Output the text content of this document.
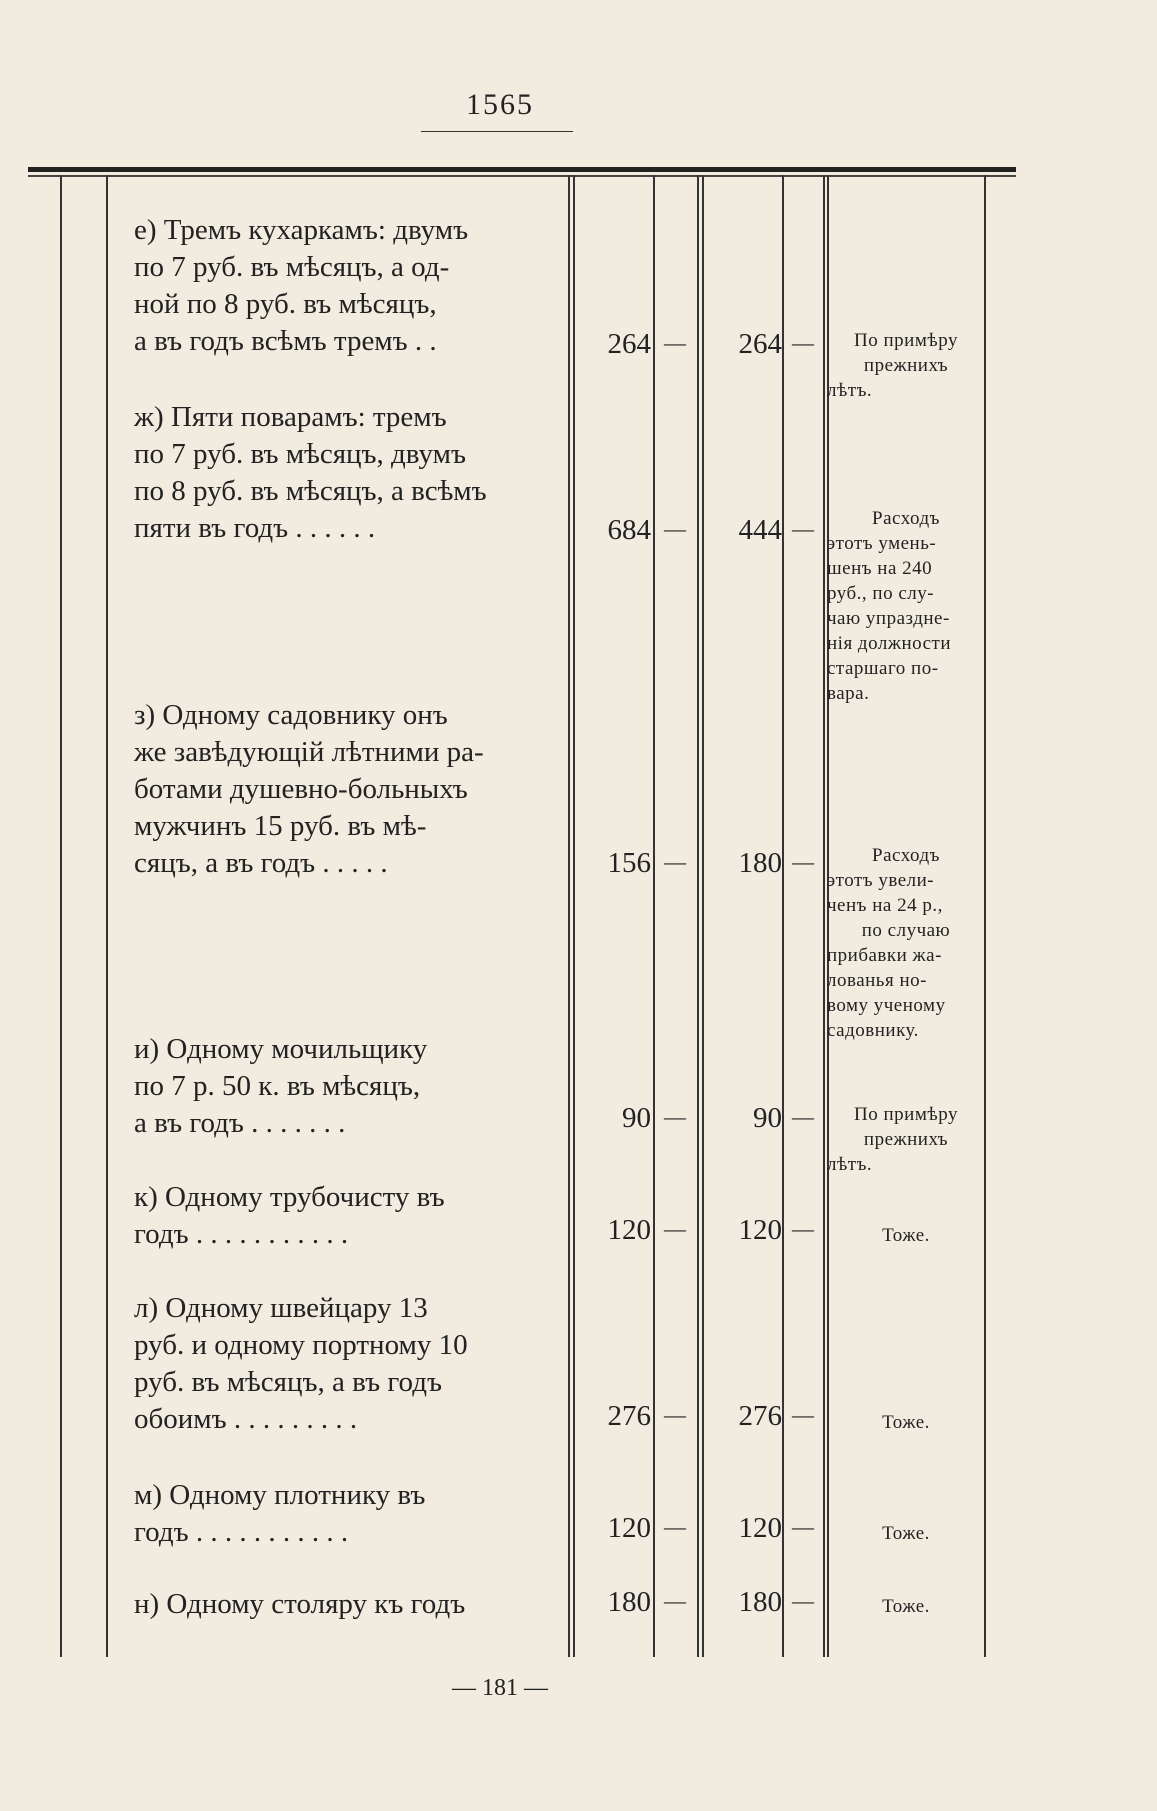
1565
е) Тремъ кухаркамъ: двумъ
по 7 руб. въ мѣсяцъ, а од-
ной по 8 руб. въ мѣсяцъ,
а въ годъ всѣмъ тремъ . .	264 —	264 —	По примѣру
прежнихъ
лѣтъ.
ж) Пяти поварамъ: тремъ
по 7 руб. въ мѣсяцъ, двумъ
по 8 руб. въ мѣсяцъ, а всѣмъ
пяти въ годъ . . . . . .	684 —	444 —	Расходъ
этотъ умень-
шенъ на 240
руб., по слу-
чаю упраздне-
нія должности
старшаго по-
вара.
з) Одному садовнику онъ
же завѣдующій лѣтними ра-
ботами душевно-больныхъ
мужчинъ 15 руб. въ мѣ-
сяцъ, а въ годъ . . . . .	156 —	180 —	Расходъ
этотъ увели-
ченъ на 24 р.,
по случаю
прибавки жа-
лованья но-
вому ученому
садовнику.
и) Одному мочильщику
по 7 р. 50 к. въ мѣсяцъ,
а въ годъ . . . . . . .	90 —	90 —	По примѣру
прежнихъ
лѣтъ.
к) Одному трубочисту въ
годъ . . . . . . . . . . .	120 —	120 —	Тоже.
л) Одному швейцару 13
руб. и одному портному 10
руб. въ мѣсяцъ, а въ годъ
обоимъ . . . . . . . . .	276 —	276 —	Тоже.
м) Одному плотнику въ
годъ . . . . . . . . . . .	120 —	120 —	Тоже.
н) Одному столяру къ годъ	180 —	180 —	Тоже.
— 181 —
